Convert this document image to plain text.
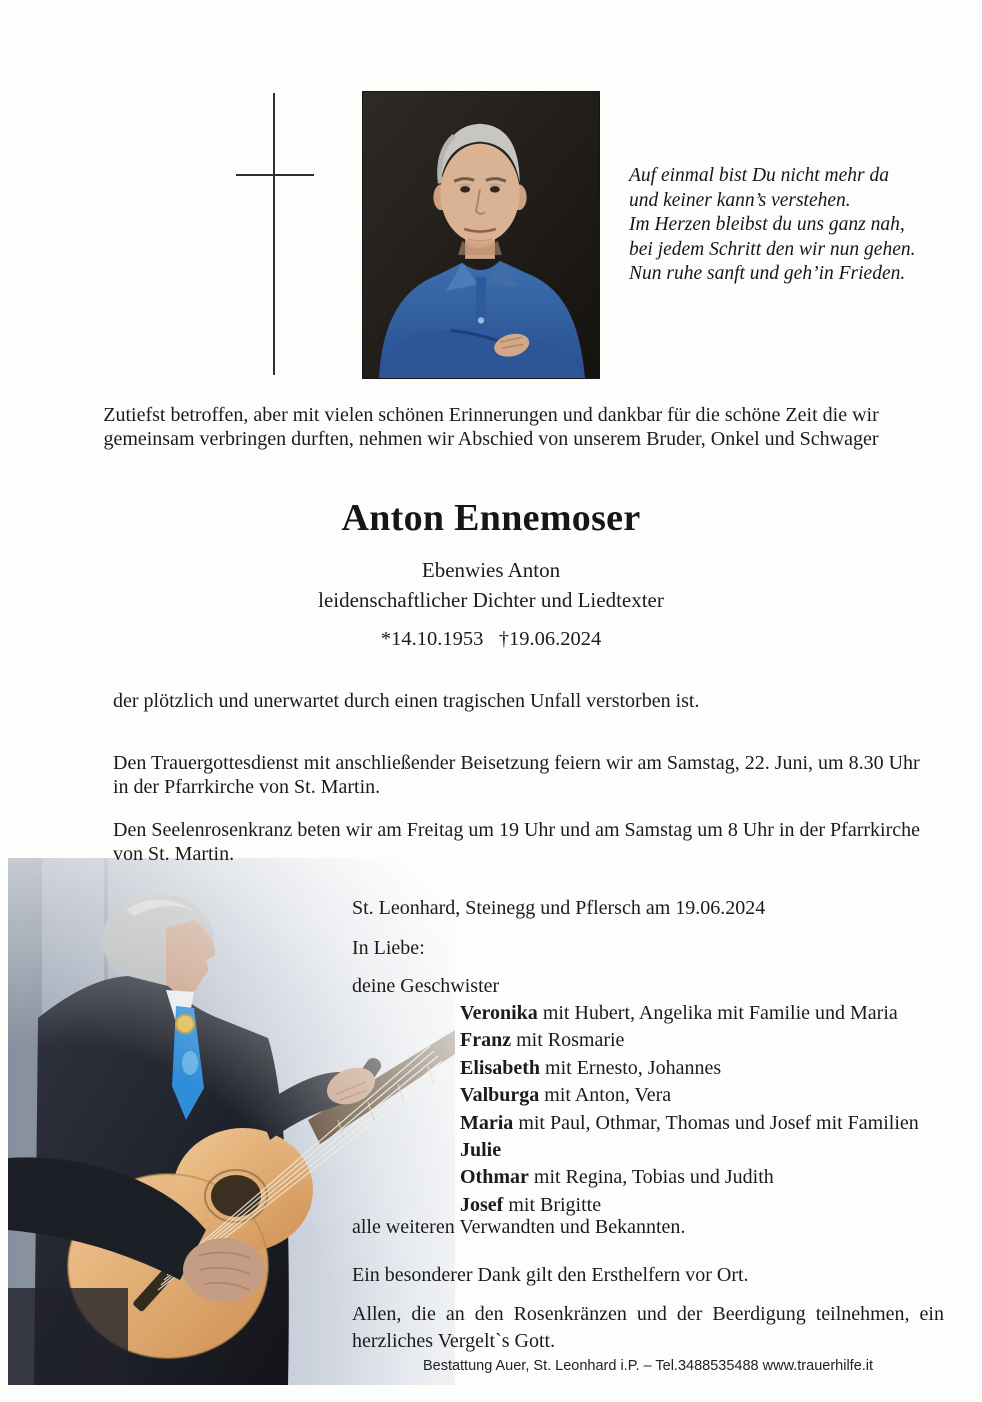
Auf einmal bist Du nicht mehr da
und keiner kann’s verstehen.
Im Herzen bleibst du uns ganz nah,
bei jedem Schritt den wir nun gehen.
Nun ruhe sanft und geh’in Frieden.
Zutiefst betroffen, aber mit vielen schönen Erinnerungen und dankbar für die schöne Zeit die wir gemeinsam verbringen durften, nehmen wir Abschied von unserem Bruder, Onkel und Schwager
Anton Ennemoser
Ebenwies Anton
leidenschaftlicher Dichter und Liedtexter
*14.10.1953   †19.06.2024
der plötzlich und unerwartet durch einen tragischen Unfall verstorben ist.
Den Trauergottesdienst mit anschließender Beisetzung feiern wir am Samstag, 22. Juni, um 8.30 Uhr in der Pfarrkirche von St. Martin.
Den Seelenrosenkranz beten wir am Freitag um 19 Uhr und am Samstag um 8 Uhr in der Pfarrkirche von St. Martin.
St. Leonhard, Steinegg und Pflersch am 19.06.2024
In Liebe:
deine Geschwister
Veronika mit Hubert, Angelika mit Familie und Maria
Franz mit Rosmarie
Elisabeth mit Ernesto, Johannes
Valburga mit Anton, Vera
Maria mit Paul, Othmar, Thomas und Josef mit Familien
Julie
Othmar mit Regina, Tobias und Judith
Josef mit Brigitte
alle weiteren Verwandten und Bekannten.
Ein besonderer Dank gilt den Ersthelfern vor Ort.
Allen, die an den Rosenkränzen und der Beerdigung teilnehmen, ein herzliches Vergelt`s Gott.
Bestattung Auer, St. Leonhard i.P. – Tel.3488535488 www.trauerhilfe.it
